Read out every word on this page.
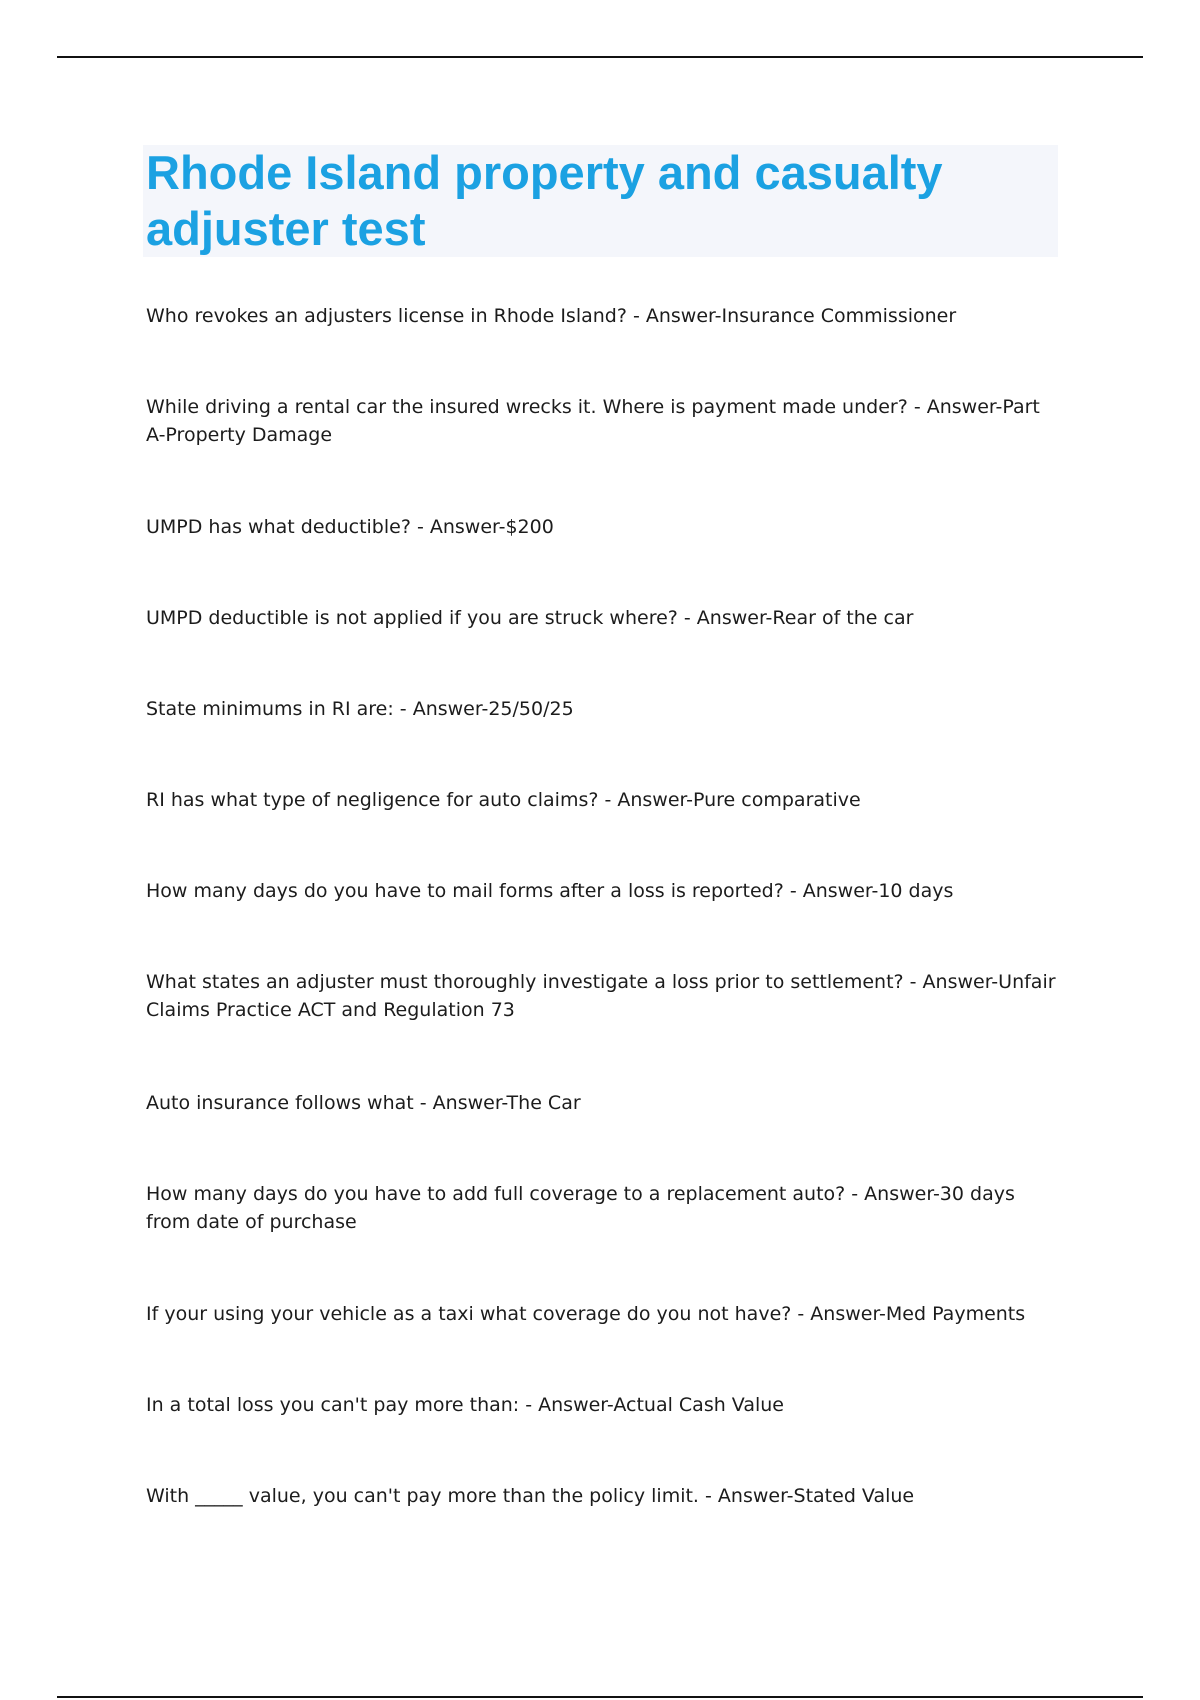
Rhode Island property and casualty adjuster test

Who revokes an adjusters license in Rhode Island? - Answer-Insurance Commissioner

While driving a rental car the insured wrecks it. Where is payment made under? - Answer-Part A-Property Damage

UMPD has what deductible? - Answer-$200

UMPD deductible is not applied if you are struck where? - Answer-Rear of the car

State minimums in RI are: - Answer-25/50/25

RI has what type of negligence for auto claims? - Answer-Pure comparative

How many days do you have to mail forms after a loss is reported? - Answer-10 days

What states an adjuster must thoroughly investigate a loss prior to settlement? - Answer-Unfair Claims Practice ACT and Regulation 73

Auto insurance follows what - Answer-The Car

How many days do you have to add full coverage to a replacement auto? - Answer-30 days from date of purchase

If your using your vehicle as a taxi what coverage do you not have? - Answer-Med Payments

In a total loss you can't pay more than: - Answer-Actual Cash Value

With _____ value, you can't pay more than the policy limit. - Answer-Stated Value
